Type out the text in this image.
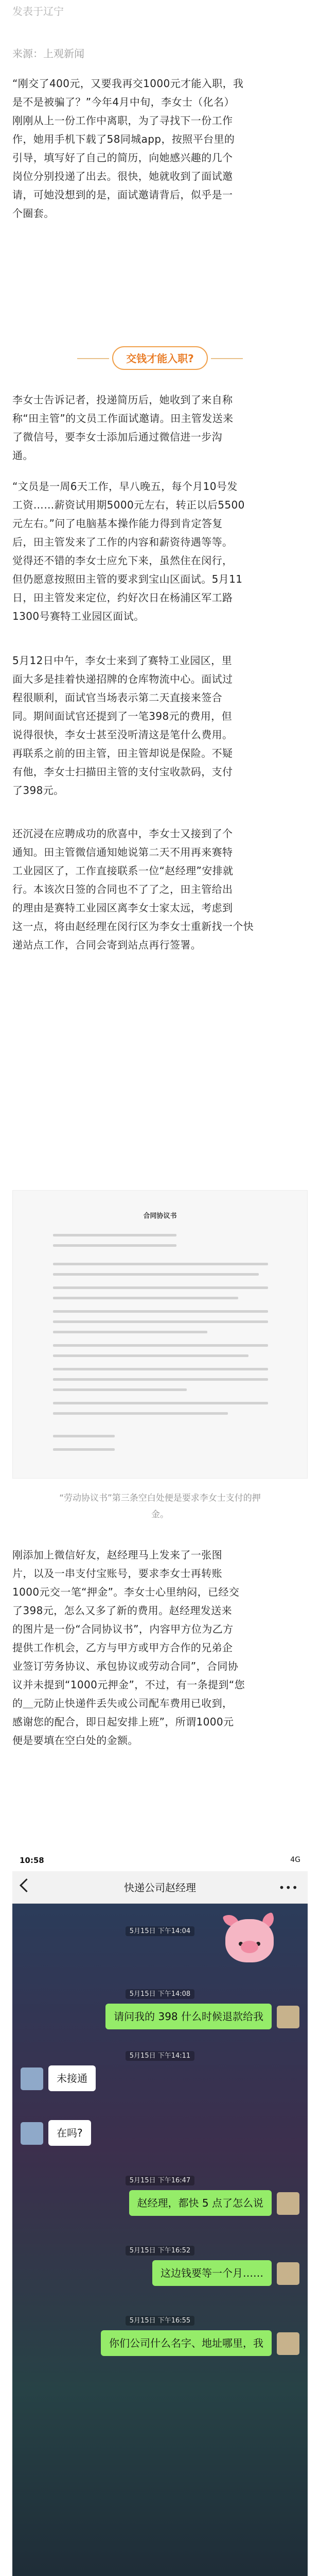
发表于辽宁
来源：上观新闻
“刚交了400元，又要我再交1000元才能入职，我
是不是被骗了？”今年4月中旬，李女士（化名）
刚刚从上一份工作中离职，为了寻找下一份工作
作，她用手机下载了58同城app，按照平台里的
引导，填写好了自己的简历，向她感兴趣的几个
岗位分别投递了出去。很快，她就收到了面试邀
请，可她没想到的是，面试邀请背后，似乎是一
个圈套。
交钱才能入职?
李女士告诉记者，投递简历后，她收到了来自称
称“田主管”的文员工作面试邀请。田主管发送来
了微信号，要李女士添加后通过微信进一步沟
通。
“文员是一周6天工作，早八晚五，每个月10号发
工资……薪资试用期5000元左右，转正以后5500
元左右。”问了电脑基本操作能力得到肯定答复
后，田主管发来了工作的内容和薪资待遇等等。
觉得还不错的李女士应允下来，虽然住在闵行，
但仍愿意按照田主管的要求到宝山区面试。5月11
日，田主管发来定位，约好次日在杨浦区军工路
1300号赛特工业园区面试。
5月12日中午，李女士来到了赛特工业园区，里
面大多是挂着快递招牌的仓库物流中心。面试过
程很顺利，面试官当场表示第二天直接来签合
同。期间面试官还提到了一笔398元的费用，但
说得很快，李女士甚至没听清这是笔什么费用。
再联系之前的田主管，田主管却说是保险。不疑
有他，李女士扫描田主管的支付宝收款码，支付
了398元。
还沉浸在应聘成功的欣喜中，李女士又接到了个
通知。田主管微信通知她说第二天不用再来赛特
工业园区了，工作直接联系一位“赵经理”安排就
行。本该次日签的合同也不了了之，田主管给出
的理由是赛特工业园区离李女士家太远，考虑到
这一点，将由赵经理在闵行区为李女士重新找一个快
递站点工作，合同会寄到站点再行签署。
合同协议书
“劳动协议书”第三条空白处便是要求李女士支付的押
金。
刚添加上微信好友，赵经理马上发来了一张图
片，以及一串支付宝账号，要求李女士再转账
1000元交一笔“押金”。李女士心里纳闷，已经交
了398元，怎么又多了新的费用。赵经理发送来
的图片是一份“合同协议书”，内容甲方位为乙方
提供工作机会，乙方与甲方或甲方合作的兄弟企
业签订劳务协议、承包协议或劳动合同”，合同协
议并未提到“1000元押金”，不过，有一条提到“您
的＿元防止快递件丢失或公司配车费用已收到，
感谢您的配合，即日起安排上班”，所谓1000元
便是要填在空白处的金额。
10:58	4G
快递公司赵经理	•••
5月15日 下午14:04
5月15日 下午14:08
请问我的 398 什么时候退款给我
5月15日 下午14:11
未接通
在吗?
5月15日 下午16:47
赵经理，都快 5 点了怎么说
5月15日 下午16:52
这边钱要等一个月……
5月15日 下午16:55
你们公司什么名字、地址哪里，我
